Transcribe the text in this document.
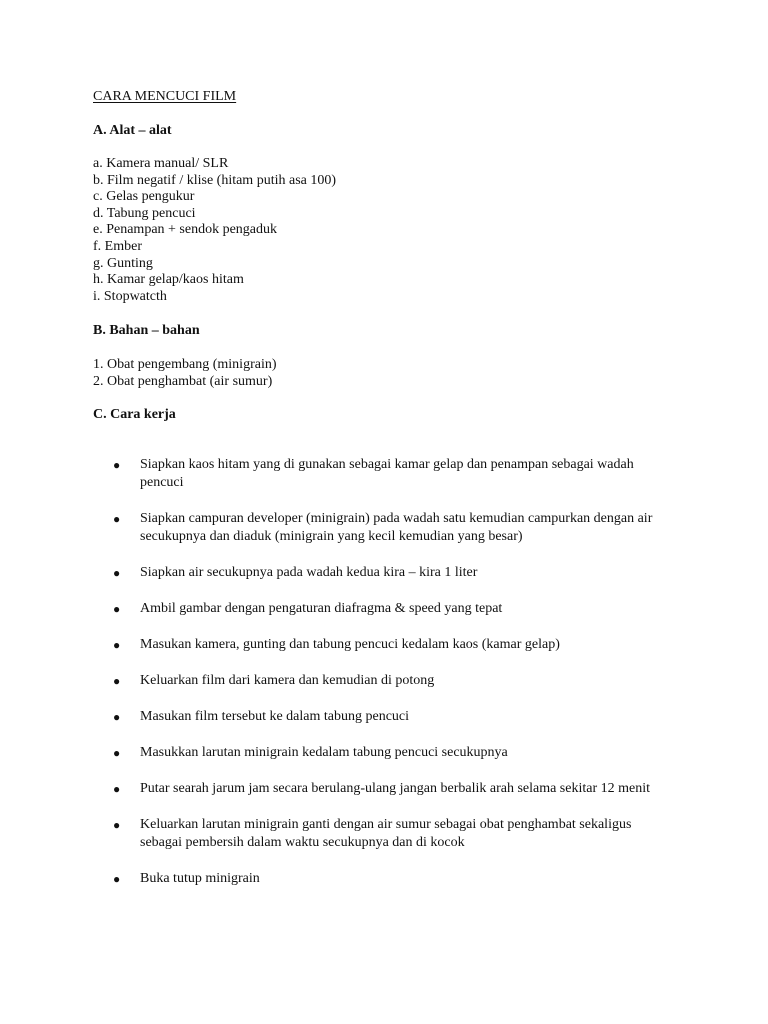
CARA MENCUCI FILM
A. Alat – alat
a. Kamera manual/ SLR
b. Film negatif / klise (hitam putih asa 100)
c. Gelas pengukur
d. Tabung pencuci
e. Penampan + sendok pengaduk
f. Ember
g. Gunting
h. Kamar gelap/kaos hitam
i. Stopwatcth
B. Bahan – bahan
1. Obat pengembang (minigrain)
2. Obat penghambat (air sumur)
C. Cara kerja
● Siapkan kaos hitam yang di gunakan sebagai kamar gelap dan penampan sebagai wadah pencuci
● Siapkan campuran developer (minigrain) pada wadah satu kemudian campurkan dengan air secukupnya dan diaduk (minigrain yang kecil kemudian yang besar)
● Siapkan air secukupnya pada wadah kedua kira – kira 1 liter
● Ambil gambar dengan pengaturan diafragma & speed yang tepat
● Masukan kamera, gunting dan tabung pencuci kedalam kaos (kamar gelap)
● Keluarkan film dari kamera dan kemudian di potong
● Masukan film tersebut ke dalam tabung pencuci
● Masukkan larutan minigrain kedalam tabung pencuci secukupnya
● Putar searah jarum jam secara berulang-ulang jangan berbalik arah selama sekitar 12 menit
● Keluarkan larutan minigrain ganti dengan air sumur sebagai obat penghambat sekaligus sebagai pembersih dalam waktu secukupnya dan di kocok
● Buka tutup minigrain
